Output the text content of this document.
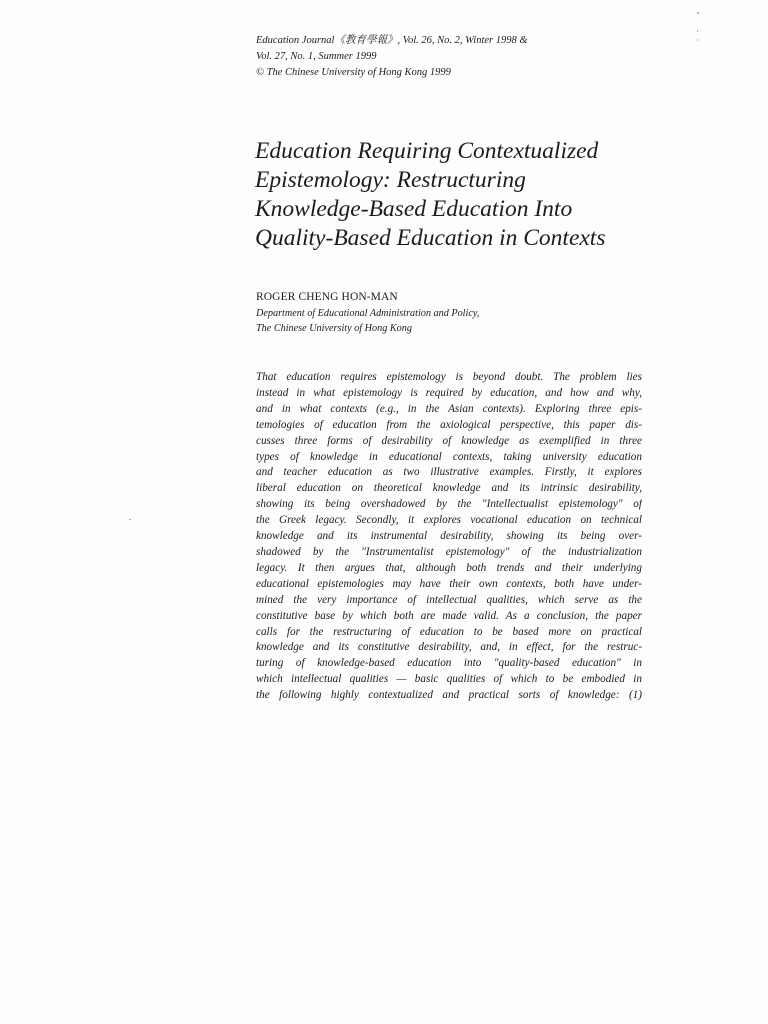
Education Journal《教育學報》, Vol. 26, No. 2, Winter 1998 &
Vol. 27, No. 1, Summer 1999
© The Chinese University of Hong Kong 1999
Education Requiring Contextualized
Epistemology: Restructuring
Knowledge-Based Education Into
Quality-Based Education in Contexts
ROGER CHENG HON-MAN
Department of Educational Administration and Policy,
The Chinese University of Hong Kong
That education requires epistemology is beyond doubt. The problem lies
instead in what epistemology is required by education, and how and why,
and in what contexts (e.g., in the Asian contexts). Exploring three epis-
temologies of education from the axiological perspective, this paper dis-
cusses three forms of desirability of knowledge as exemplified in three
types of knowledge in educational contexts, taking university education
and teacher education as two illustrative examples. Firstly, it explores
liberal education on theoretical knowledge and its intrinsic desirability,
showing its being overshadowed by the "Intellectualist epistemology" of
the Greek legacy. Secondly, it explores vocational education on technical
knowledge and its instrumental desirability, showing its being over-
shadowed by the "Instrumentalist epistemology" of the industrialization
legacy. It then argues that, although both trends and their underlying
educational epistemologies may have their own contexts, both have under-
mined the very importance of intellectual qualities, which serve as the
constitutive base by which both are made valid. As a conclusion, the paper
calls for the restructuring of education to be based more on practical
knowledge and its constitutive desirability, and, in effect, for the restruc-
turing of knowledge-based education into "quality-based education" in
which intellectual qualities — basic qualities of which to be embodied in
the following highly contextualized and practical sorts of knowledge: (1)
